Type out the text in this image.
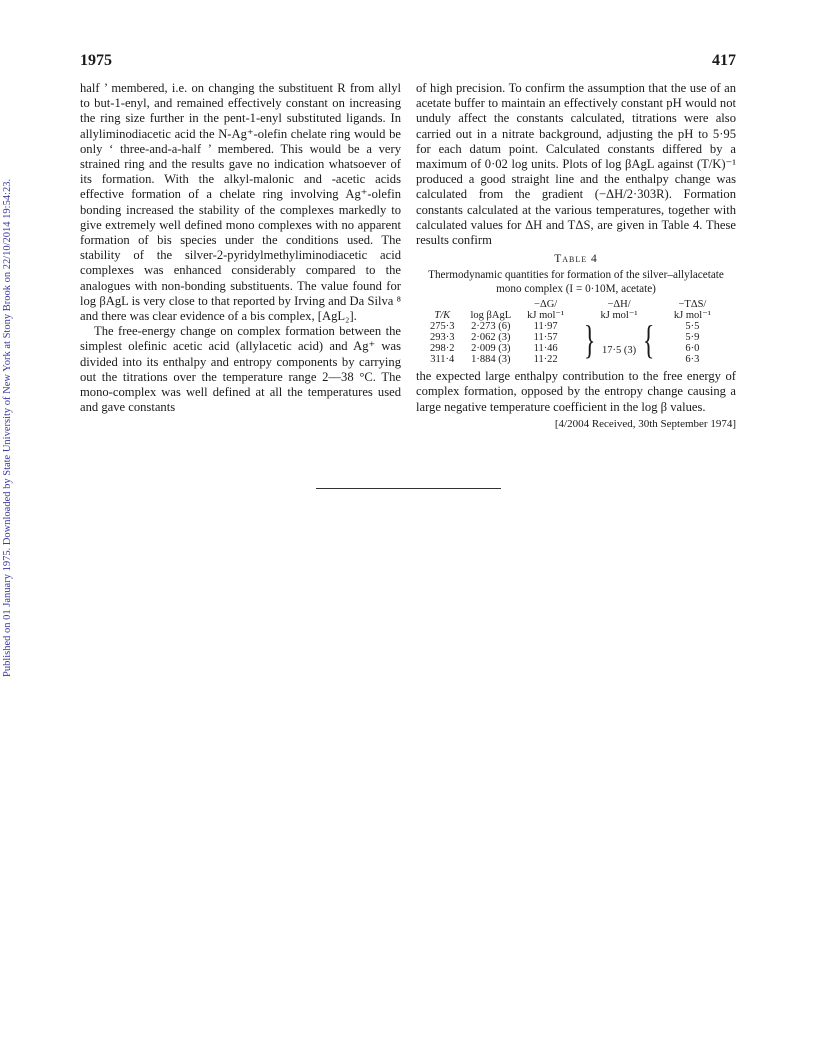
Published on 01 January 1975. Downloaded by State University of New York at Stony Brook on 22/10/2014 19:54:23.
1975	417

half ’ membered, i.e. on changing the substituent R from allyl to but-1-enyl, and remained effectively constant on increasing the ring size further in the pent-1-enyl substituted ligands. In allyliminodiacetic acid the N-Ag⁺-olefin chelate ring would be only ‘ three-and-a-half ’ membered. This would be a very strained ring and the results gave no indication whatsoever of its formation. With the alkyl-malonic and -acetic acids effective formation of a chelate ring involving Ag⁺-olefin bonding increased the stability of the complexes markedly to give extremely well defined mono complexes with no apparent formation of bis species under the conditions used. The stability of the silver-2-pyridylmethyliminodiacetic acid complexes was enhanced considerably compared to the analogues with non-bonding substituents. The value found for log βAgL is very close to that reported by Irving and Da Silva ⁸ and there was clear evidence of a bis complex, [AgL₂].

The free-energy change on complex formation between the simplest olefinic acetic acid (allylacetic acid) and Ag⁺ was divided into its enthalpy and entropy components by carrying out the titrations over the temperature range 2—38 °C. The mono-complex was well defined at all the temperatures used and gave constants

of high precision. To confirm the assumption that the use of an acetate buffer to maintain an effectively constant pH would not unduly affect the constants calculated, titrations were also carried out in a nitrate background, adjusting the pH to 5·95 for each datum point. Calculated constants differed by a maximum of 0·02 log units. Plots of log βAgL against (T/K)⁻¹ produced a good straight line and the enthalpy change was calculated from the gradient (−ΔH/2·303R). Formation constants calculated at the various temperatures, together with calculated values for ΔH and TΔS, are given in Table 4. These results confirm

Table 4
Thermodynamic quantities for formation of the silver–allylacetate mono complex (I = 0·10M, acetate)
		−ΔG/	−ΔH/	−TΔS/
T/K	log βAgL	kJ mol⁻¹	kJ mol⁻¹	kJ mol⁻¹
275·3	2·273 (6)	11·97	} 17·5 (3) {	5·5
293·3	2·062 (3)	11·57		5·9
298·2	2·009 (3)	11·46		6·0
311·4	1·884 (3)	11·22		6·3

the expected large enthalpy contribution to the free energy of complex formation, opposed by the entropy change causing a large negative temperature coefficient in the log β values.

[4/2004 Received, 30th September 1974]
